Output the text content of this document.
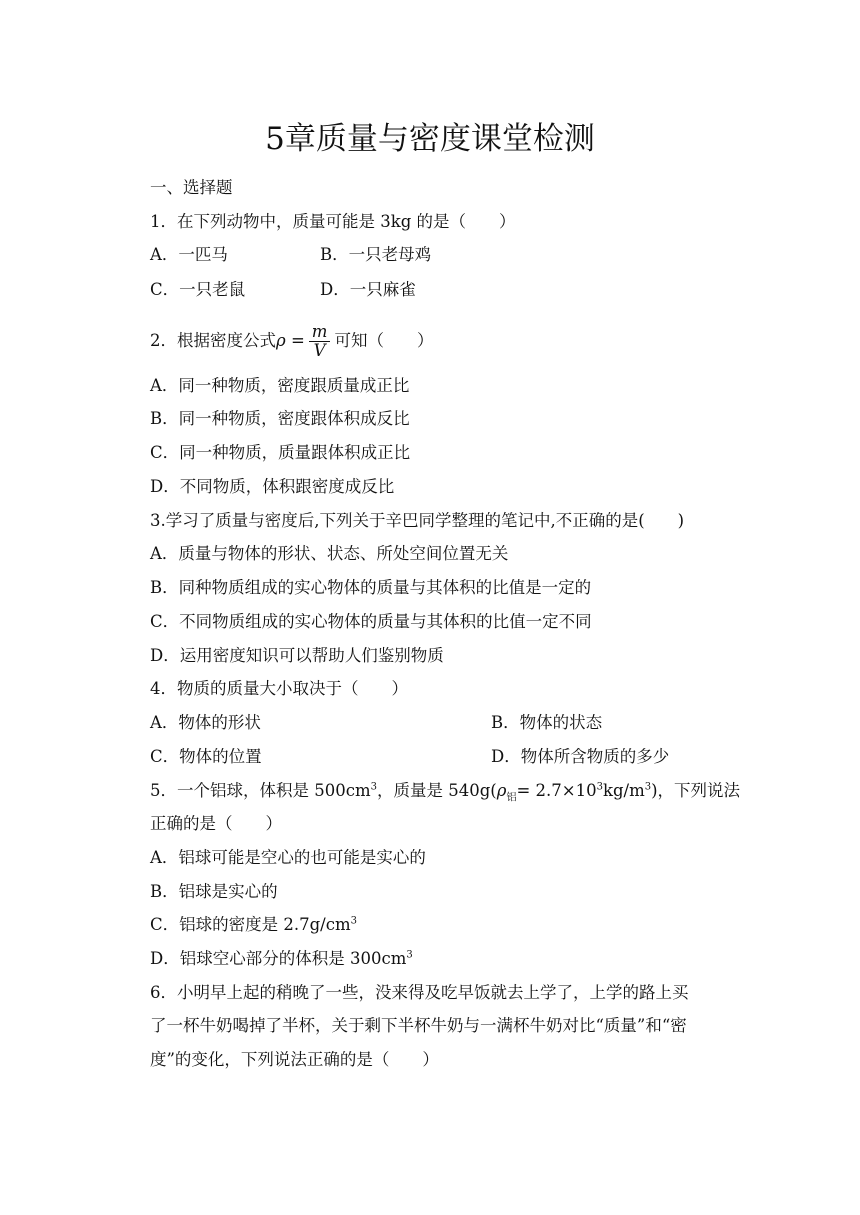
5章质量与密度课堂检测

一、选择题

1．在下列动物中，质量可能是 3kg 的是（　　）

A．一匹马	B．一只老母鸡

C．一只老鼠	D．一只麻雀

2．根据密度公式$\rho = \frac{m}{V}$ 可知（　　）

A．同一种物质，密度跟质量成正比

B．同一种物质，密度跟体积成反比

C．同一种物质，质量跟体积成正比

D．不同物质，体积跟密度成反比

3.学习了质量与密度后,下列关于辛巴同学整理的笔记中,不正确的是(　　)

A．质量与物体的形状、状态、所处空间位置无关

B．同种物质组成的实心物体的质量与其体积的比值是一定的

C．不同物质组成的实心物体的质量与其体积的比值一定不同

D．运用密度知识可以帮助人们鉴别物质

4．物质的质量大小取决于（　　）

A．物体的形状	B．物体的状态

C．物体的位置	D．物体所含物质的多少

5．一个铝球，体积是 $500cm^3$，质量是 $540g(\rho_铝= 2.7\times 10^3kg/m^3)$，下列说法

正确的是（　　）

A．铝球可能是空心的也可能是实心的

B．铝球是实心的

C．铝球的密度是 $2.7g/cm^3$

D．铝球空心部分的体积是 $300cm^3$

6．小明早上起的稍晚了一些，没来得及吃早饭就去上学了，上学的路上买

了一杯牛奶喝掉了半杯，关于剩下半杯牛奶与一满杯牛奶对比“质量”和“密

度”的变化，下列说法正确的是（　　）
